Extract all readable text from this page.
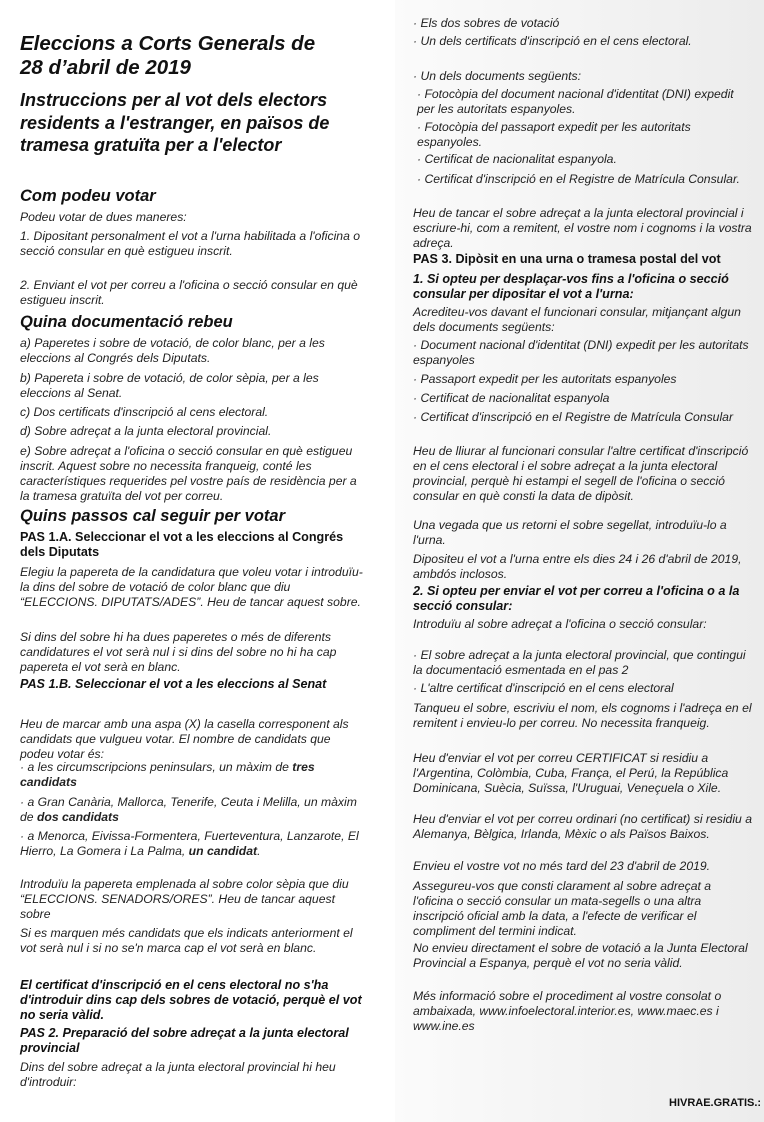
Eleccions a Corts Generals de
28 d’abril de 2019
Instruccions per al vot dels electors residents a l'estranger, en països de tramesa gratuïta per a l'elector
Com podeu votar

Podeu votar de dues maneres:

1. Dipositant personalment el vot a l'urna habilitada a l'oficina o secció consular en què estigueu inscrit.

2. Enviant el vot per correu a l'oficina o secció consular en què estigueu inscrit.

Quina documentació rebeu

a) Paperetes i sobre de votació, de color blanc, per a les eleccions al Congrés dels Diputats.

b) Papereta i sobre de votació, de color sèpia, per a les eleccions al Senat.

c) Dos certificats d'inscripció al cens electoral.

d) Sobre adreçat a la junta electoral provincial.

e) Sobre adreçat a l'oficina o secció consular en què estigueu inscrit. Aquest sobre no necessita franqueig, conté les característiques requerides pel vostre país de residència per a la tramesa gratuïta del vot per correu.

Quins passos cal seguir per votar

PAS 1.A. Seleccionar el vot a les eleccions al Congrés dels Diputats

Elegiu la papereta de la candidatura que voleu votar i introduïu-la dins del sobre de votació de color blanc que diu “ELECCIONS. DIPUTATS/ADES”. Heu de tancar aquest sobre.

Si dins del sobre hi ha dues paperetes o més de diferents candidatures el vot serà nul i si dins del sobre no hi ha cap papereta el vot serà en blanc.

PAS 1.B. Seleccionar el vot a les eleccions al Senat

Heu de marcar amb una aspa (X) la casella corresponent als candidats que vulgueu votar. El nombre de candidats que podeu votar és:

· a les circumscripcions peninsulars, un màxim de tres candidats

· a Gran Canària, Mallorca, Tenerife, Ceuta i Melilla, un màxim de dos candidats

· a Menorca, Eivissa-Formentera, Fuerteventura, Lanzarote, El Hierro, La Gomera i La Palma, un candidat.

Introduïu la papereta emplenada al sobre color sèpia que diu “ELECCIONS. SENADORS/ORES”. Heu de tancar aquest sobre

Si es marquen més candidats que els indicats anteriorment el vot serà nul i si no se'n marca cap el vot serà en blanc.

El certificat d'inscripció en el cens electoral no s'ha d'introduir dins cap dels sobres de votació, perquè el vot no seria vàlid.

PAS 2. Preparació del sobre adreçat a la junta electoral provincial

Dins del sobre adreçat a la junta electoral provincial hi heu d'introduir:

· Els dos sobres de votació

· Un dels certificats d'inscripció en el cens electoral.

· Un dels documents següents:

· Fotocòpia del document nacional d'identitat (DNI) expedit per les autoritats espanyoles.

· Fotocòpia del passaport expedit per les autoritats espanyoles.

· Certificat de nacionalitat espanyola.

· Certificat d'inscripció en el Registre de Matrícula Consular.

Heu de tancar el sobre adreçat a la junta electoral provincial i escriure-hi, com a remitent, el vostre nom i cognoms i la vostra adreça.

PAS 3. Dipòsit en una urna o tramesa postal del vot

1. Si opteu per desplaçar-vos fins a l'oficina o secció consular per dipositar el vot a l'urna:

Acrediteu-vos davant el funcionari consular, mitjançant algun dels documents següents:

· Document nacional d'identitat (DNI) expedit per les autoritats espanyoles

· Passaport expedit per les autoritats espanyoles

· Certificat de nacionalitat espanyola

· Certificat d'inscripció en el Registre de Matrícula Consular

Heu de lliurar al funcionari consular l'altre certificat d'inscripció en el cens electoral i el sobre adreçat a la junta electoral provincial, perquè hi estampi el segell de l'oficina o secció consular en què consti la data de dipòsit.

Una vegada que us retorni el sobre segellat, introduïu-lo a l'urna.

Dipositeu el vot a l'urna entre els dies 24 i 26 d'abril de 2019, ambdós inclosos.

2. Si opteu per enviar el vot per correu a l'oficina o a la secció consular:

Introduïu al sobre adreçat a l'oficina o secció consular:

· El sobre adreçat a la junta electoral provincial, que contingui la documentació esmentada en el pas 2

· L'altre certificat d'inscripció en el cens electoral

Tanqueu el sobre, escriviu el nom, els cognoms i l'adreça en el remitent i envieu-lo per correu. No necessita franqueig.

Heu d'enviar el vot per correu CERTIFICAT si residiu a l'Argentina, Colòmbia, Cuba, França, el Perú, la República Dominicana, Suècia, Suïssa, l'Uruguai, Veneçuela o Xile.

Heu d'enviar el vot per correu ordinari (no certificat) si residiu a Alemanya, Bèlgica, Irlanda, Mèxic o als Països Baixos.

Envieu el vostre vot no més tard del 23 d'abril de 2019.

Assegureu-vos que consti clarament al sobre adreçat a l'oficina o secció consular un mata-segells o una altra inscripció oficial amb la data, a l'efecte de verificar el compliment del termini indicat.

No envieu directament el sobre de votació a la Junta Electoral Provincial a Espanya, perquè el vot no seria vàlid.

Més informació sobre el procediment al vostre consolat o ambaixada, www.infoelectoral.interior.es, www.maec.es i www.ine.es

HIVRAE.GRATIS.:
